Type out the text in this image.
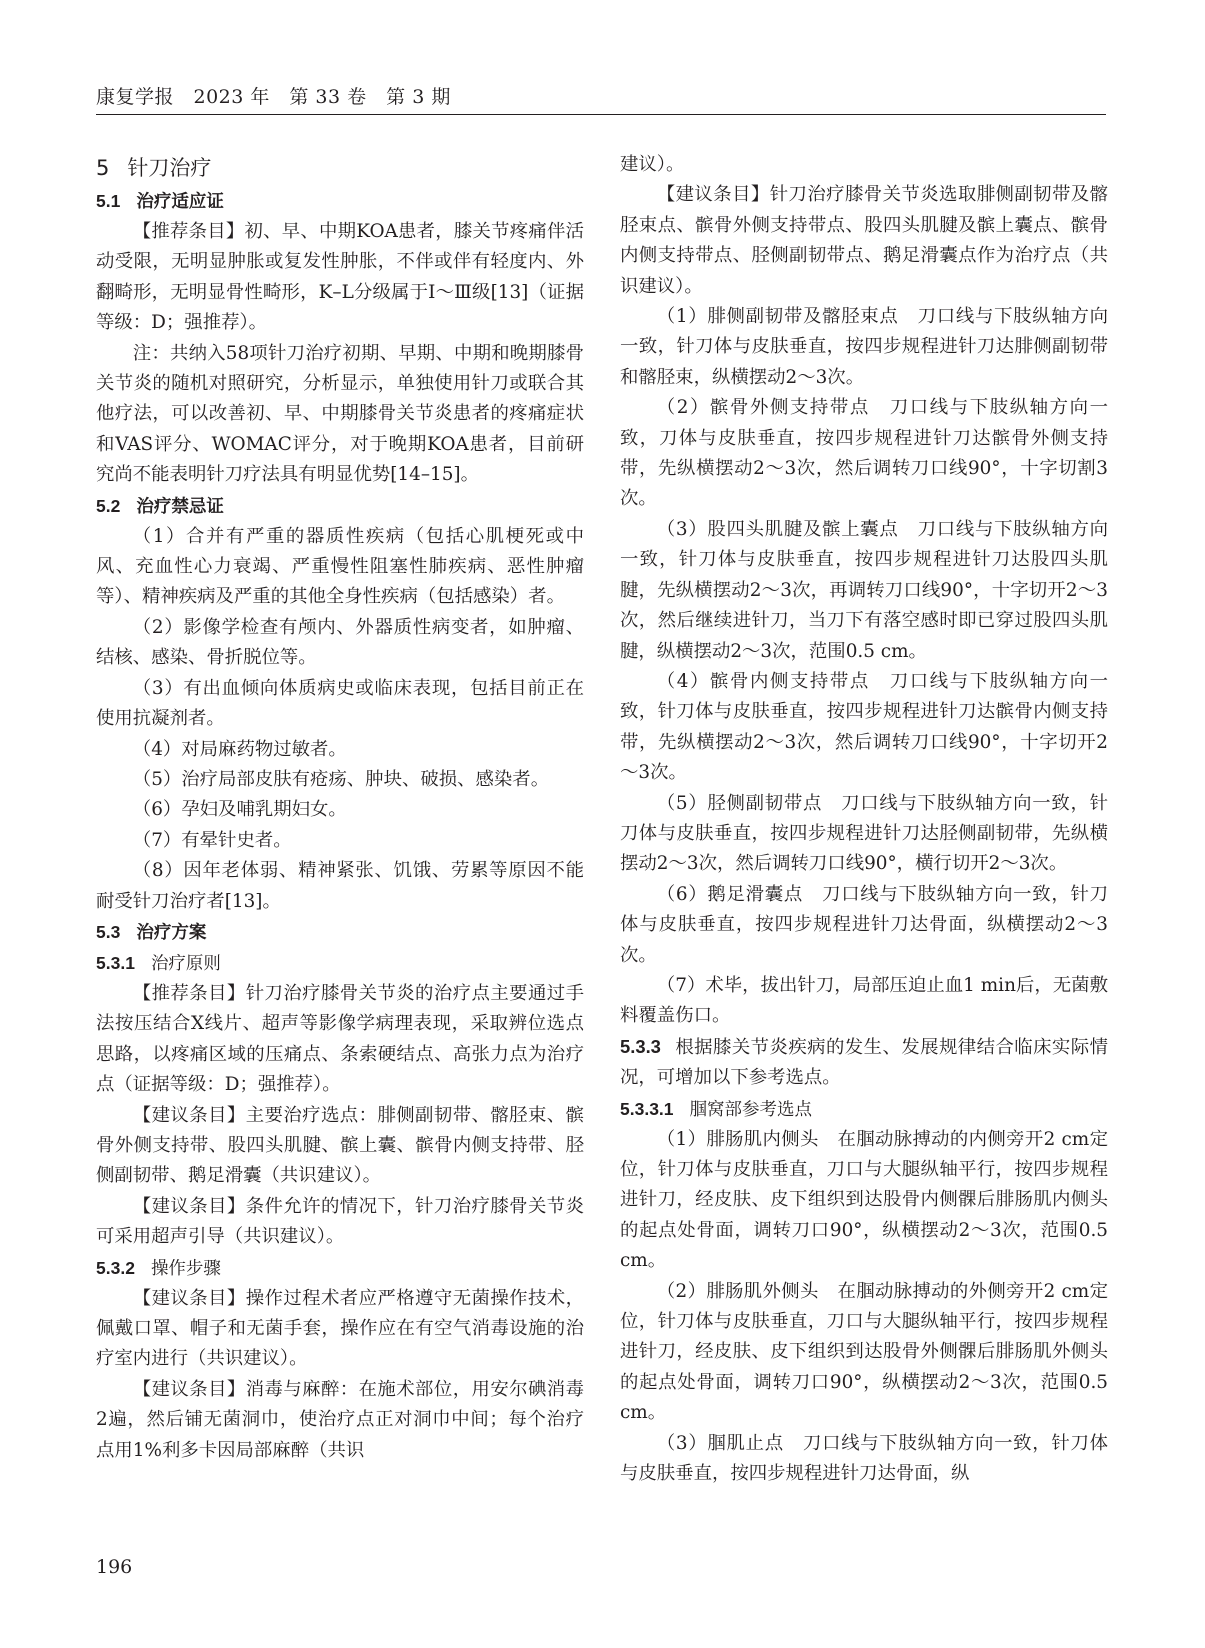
康复学报　2023 年　第 33 卷　第 3 期
5 针刀治疗
5.1 治疗适应证
【推荐条目】初、早、中期KOA患者，膝关节疼痛伴活动受限，无明显肿胀或复发性肿胀，不伴或伴有轻度内、外翻畸形，无明显骨性畸形，K–L分级属于Ⅰ～Ⅲ级[13]（证据等级：D；强推荐）。
注：共纳入58项针刀治疗初期、早期、中期和晚期膝骨关节炎的随机对照研究，分析显示，单独使用针刀或联合其他疗法，可以改善初、早、中期膝骨关节炎患者的疼痛症状和VAS评分、WOMAC评分，对于晚期KOA患者，目前研究尚不能表明针刀疗法具有明显优势[14–15]。
5.2 治疗禁忌证
（1）合并有严重的器质性疾病（包括心肌梗死或中风、充血性心力衰竭、严重慢性阻塞性肺疾病、恶性肿瘤等）、精神疾病及严重的其他全身性疾病（包括感染）者。
（2）影像学检查有颅内、外器质性病变者，如肿瘤、结核、感染、骨折脱位等。
（3）有出血倾向体质病史或临床表现，包括目前正在使用抗凝剂者。
（4）对局麻药物过敏者。
（5）治疗局部皮肤有疮疡、肿块、破损、感染者。
（6）孕妇及哺乳期妇女。
（7）有晕针史者。
（8）因年老体弱、精神紧张、饥饿、劳累等原因不能耐受针刀治疗者[13]。
5.3 治疗方案
5.3.1 治疗原则
【推荐条目】针刀治疗膝骨关节炎的治疗点主要通过手法按压结合X线片、超声等影像学病理表现，采取辨位选点思路，以疼痛区域的压痛点、条索硬结点、高张力点为治疗点（证据等级：D；强推荐）。
【建议条目】主要治疗选点：腓侧副韧带、髂胫束、髌骨外侧支持带、股四头肌腱、髌上囊、髌骨内侧支持带、胫侧副韧带、鹅足滑囊（共识建议）。
【建议条目】条件允许的情况下，针刀治疗膝骨关节炎可采用超声引导（共识建议）。
5.3.2 操作步骤
【建议条目】操作过程术者应严格遵守无菌操作技术，佩戴口罩、帽子和无菌手套，操作应在有空气消毒设施的治疗室内进行（共识建议）。
【建议条目】消毒与麻醉：在施术部位，用安尔碘消毒2遍，然后铺无菌洞巾，使治疗点正对洞巾中间；每个治疗点用1%利多卡因局部麻醉（共识
建议）。
【建议条目】针刀治疗膝骨关节炎选取腓侧副韧带及髂胫束点、髌骨外侧支持带点、股四头肌腱及髌上囊点、髌骨内侧支持带点、胫侧副韧带点、鹅足滑囊点作为治疗点（共识建议）。
（1）腓侧副韧带及髂胫束点　刀口线与下肢纵轴方向一致，针刀体与皮肤垂直，按四步规程进针刀达腓侧副韧带和髂胫束，纵横摆动2～3次。
（2）髌骨外侧支持带点　刀口线与下肢纵轴方向一致，刀体与皮肤垂直，按四步规程进针刀达髌骨外侧支持带，先纵横摆动2～3次，然后调转刀口线90°，十字切割3次。
（3）股四头肌腱及髌上囊点　刀口线与下肢纵轴方向一致，针刀体与皮肤垂直，按四步规程进针刀达股四头肌腱，先纵横摆动2～3次，再调转刀口线90°，十字切开2～3次，然后继续进针刀，当刀下有落空感时即已穿过股四头肌腱，纵横摆动2～3次，范围0.5 cm。
（4）髌骨内侧支持带点　刀口线与下肢纵轴方向一致，针刀体与皮肤垂直，按四步规程进针刀达髌骨内侧支持带，先纵横摆动2～3次，然后调转刀口线90°，十字切开2～3次。
（5）胫侧副韧带点　刀口线与下肢纵轴方向一致，针刀体与皮肤垂直，按四步规程进针刀达胫侧副韧带，先纵横摆动2～3次，然后调转刀口线90°，横行切开2～3次。
（6）鹅足滑囊点　刀口线与下肢纵轴方向一致，针刀体与皮肤垂直，按四步规程进针刀达骨面，纵横摆动2～3次。
（7）术毕，拔出针刀，局部压迫止血1 min后，无菌敷料覆盖伤口。
5.3.3 根据膝关节炎疾病的发生、发展规律结合临床实际情况，可增加以下参考选点。
5.3.3.1 腘窝部参考选点
（1）腓肠肌内侧头　在腘动脉搏动的内侧旁开2 cm定位，针刀体与皮肤垂直，刀口与大腿纵轴平行，按四步规程进针刀，经皮肤、皮下组织到达股骨内侧髁后腓肠肌内侧头的起点处骨面，调转刀口90°，纵横摆动2～3次，范围0.5 cm。
（2）腓肠肌外侧头　在腘动脉搏动的外侧旁开2 cm定位，针刀体与皮肤垂直，刀口与大腿纵轴平行，按四步规程进针刀，经皮肤、皮下组织到达股骨外侧髁后腓肠肌外侧头的起点处骨面，调转刀口90°，纵横摆动2～3次，范围0.5 cm。
（3）腘肌止点　刀口线与下肢纵轴方向一致，针刀体与皮肤垂直，按四步规程进针刀达骨面，纵
196
